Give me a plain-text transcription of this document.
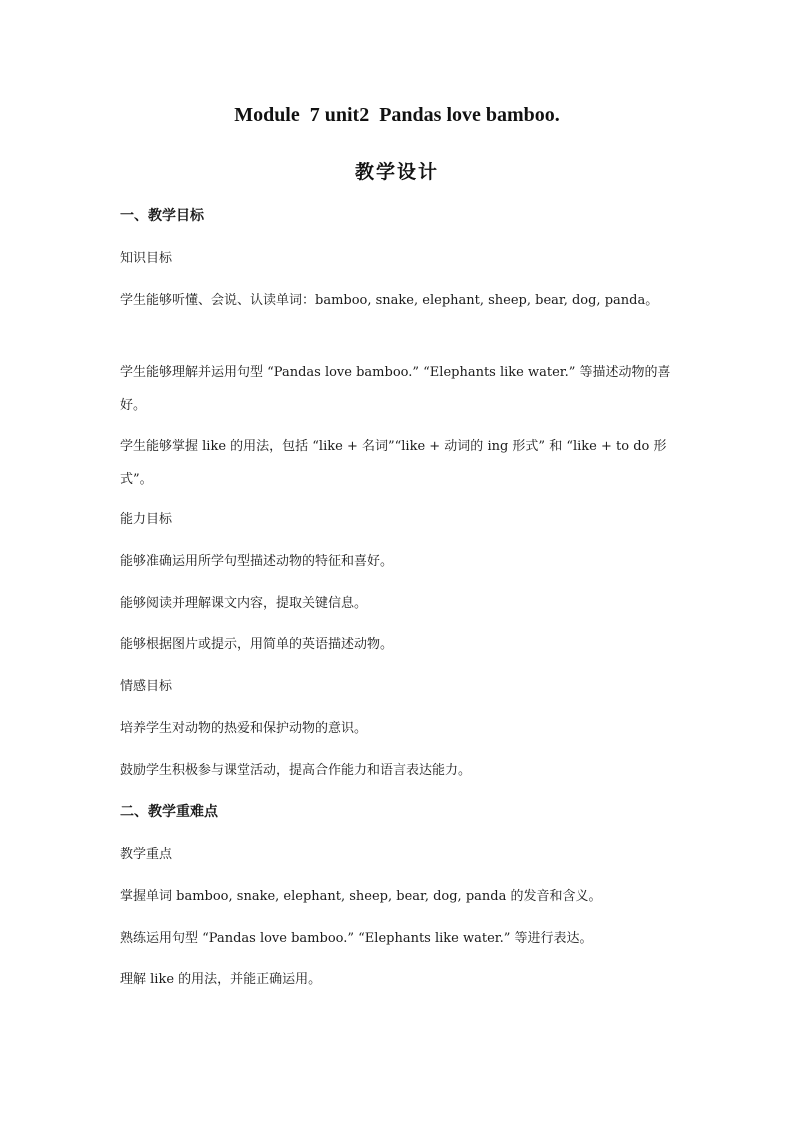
Module  7 unit2  Pandas love bamboo.
教学设计
一、教学目标
知识目标
学生能够听懂、会说、认读单词：bamboo, snake, elephant, sheep, bear, dog, panda。
学生能够理解并运用句型 “Pandas love bamboo.” “Elephants like water.” 等描述动物的喜好。
学生能够掌握 like 的用法，包括 “like + 名词”“like + 动词的 ing 形式” 和 “like + to do 形式”。
能力目标
能够准确运用所学句型描述动物的特征和喜好。
能够阅读并理解课文内容，提取关键信息。
能够根据图片或提示，用简单的英语描述动物。
情感目标
培养学生对动物的热爱和保护动物的意识。
鼓励学生积极参与课堂活动，提高合作能力和语言表达能力。
二、教学重难点
教学重点
掌握单词 bamboo, snake, elephant, sheep, bear, dog, panda 的发音和含义。
熟练运用句型 “Pandas love bamboo.” “Elephants like water.” 等进行表达。
理解 like 的用法，并能正确运用。
